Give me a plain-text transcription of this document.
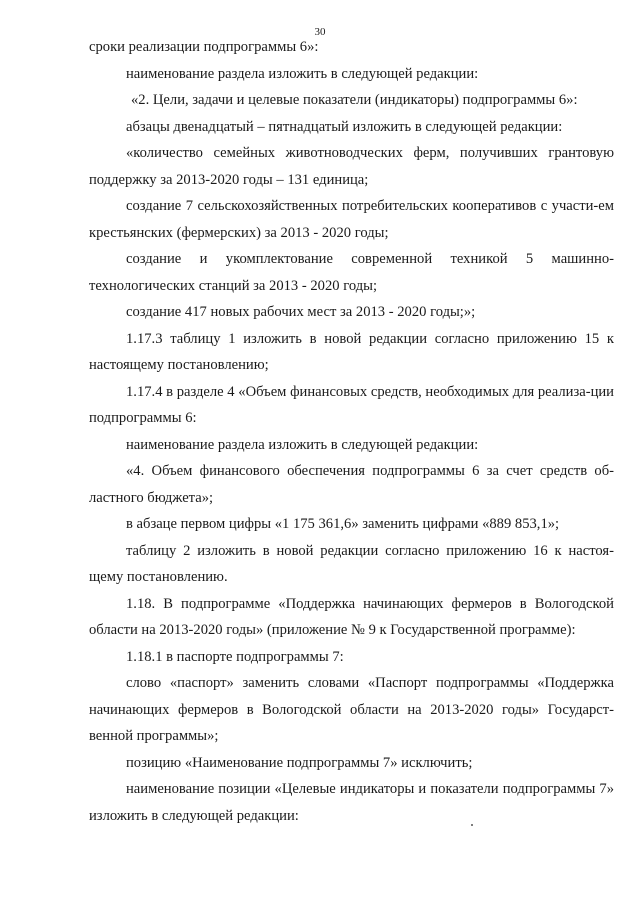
30

сроки реализации подпрограммы 6»:

наименование раздела изложить в следующей редакции:

«2. Цели, задачи и целевые показатели (индикаторы) подпрограммы 6»:

абзацы двенадцатый – пятнадцатый изложить в следующей редакции:

«количество семейных животноводческих ферм, получивших грантовую поддержку за 2013-2020 годы – 131 единица;

создание 7 сельскохозяйственных потребительских кооперативов с участи-ем крестьянских (фермерских) за 2013 - 2020 годы;

создание и укомплектование современной техникой 5 машинно-технологических станций за 2013 - 2020 годы;

создание 417 новых рабочих мест за 2013 - 2020 годы;»;

1.17.3 таблицу 1 изложить в новой редакции согласно приложению 15 к настоящему постановлению;

1.17.4 в разделе 4 «Объем финансовых средств, необходимых для реализа-ции подпрограммы 6:

наименование раздела изложить в следующей редакции:

«4. Объем финансового обеспечения подпрограммы 6 за счет средств об-ластного бюджета»;

в абзаце первом цифры «1 175 361,6» заменить цифрами «889 853,1»;

таблицу 2 изложить в новой редакции согласно приложению 16 к настоя-щему постановлению.

1.18. В подпрограмме «Поддержка начинающих фермеров в Вологодской области на 2013-2020 годы» (приложение № 9 к Государственной программе):

1.18.1 в паспорте подпрограммы 7:

слово «паспорт» заменить словами «Паспорт подпрограммы «Поддержка начинающих фермеров в Вологодской области на 2013-2020 годы» Государст-венной программы»;

позицию «Наименование подпрограммы 7» исключить;

наименование позиции «Целевые индикаторы и показатели подпрограммы 7» изложить в следующей редакции:
